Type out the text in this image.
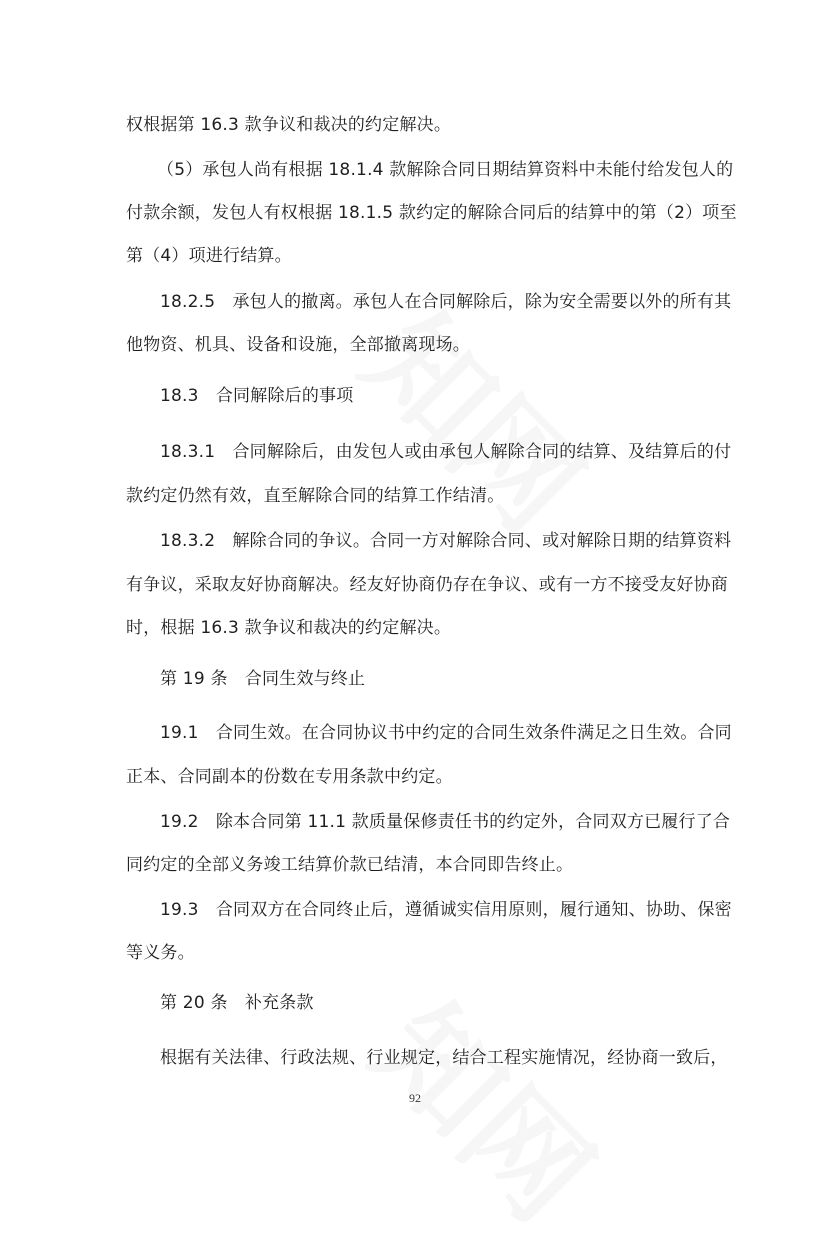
权根据第 16.3 款争议和裁决的约定解决。
（5）承包人尚有根据 18.1.4 款解除合同日期结算资料中未能付给发包人的
付款余额，发包人有权根据 18.1.5 款约定的解除合同后的结算中的第（2）项至
第（4）项进行结算。
18.2.5　承包人的撤离。承包人在合同解除后，除为安全需要以外的所有其
他物资、机具、设备和设施，全部撤离现场。
18.3　合同解除后的事项
18.3.1　合同解除后，由发包人或由承包人解除合同的结算、及结算后的付
款约定仍然有效，直至解除合同的结算工作结清。
18.3.2　解除合同的争议。合同一方对解除合同、或对解除日期的结算资料
有争议，采取友好协商解决。经友好协商仍存在争议、或有一方不接受友好协商
时，根据 16.3 款争议和裁决的约定解决。
第 19 条　合同生效与终止
19.1　合同生效。在合同协议书中约定的合同生效条件满足之日生效。合同
正本、合同副本的份数在专用条款中约定。
19.2　除本合同第 11.1 款质量保修责任书的约定外，合同双方已履行了合
同约定的全部义务竣工结算价款已结清，本合同即告终止。
19.3　合同双方在合同终止后，遵循诚实信用原则，履行通知、协助、保密
等义务。
第 20 条　补充条款
根据有关法律、行政法规、行业规定，结合工程实施情况，经协商一致后，
92
